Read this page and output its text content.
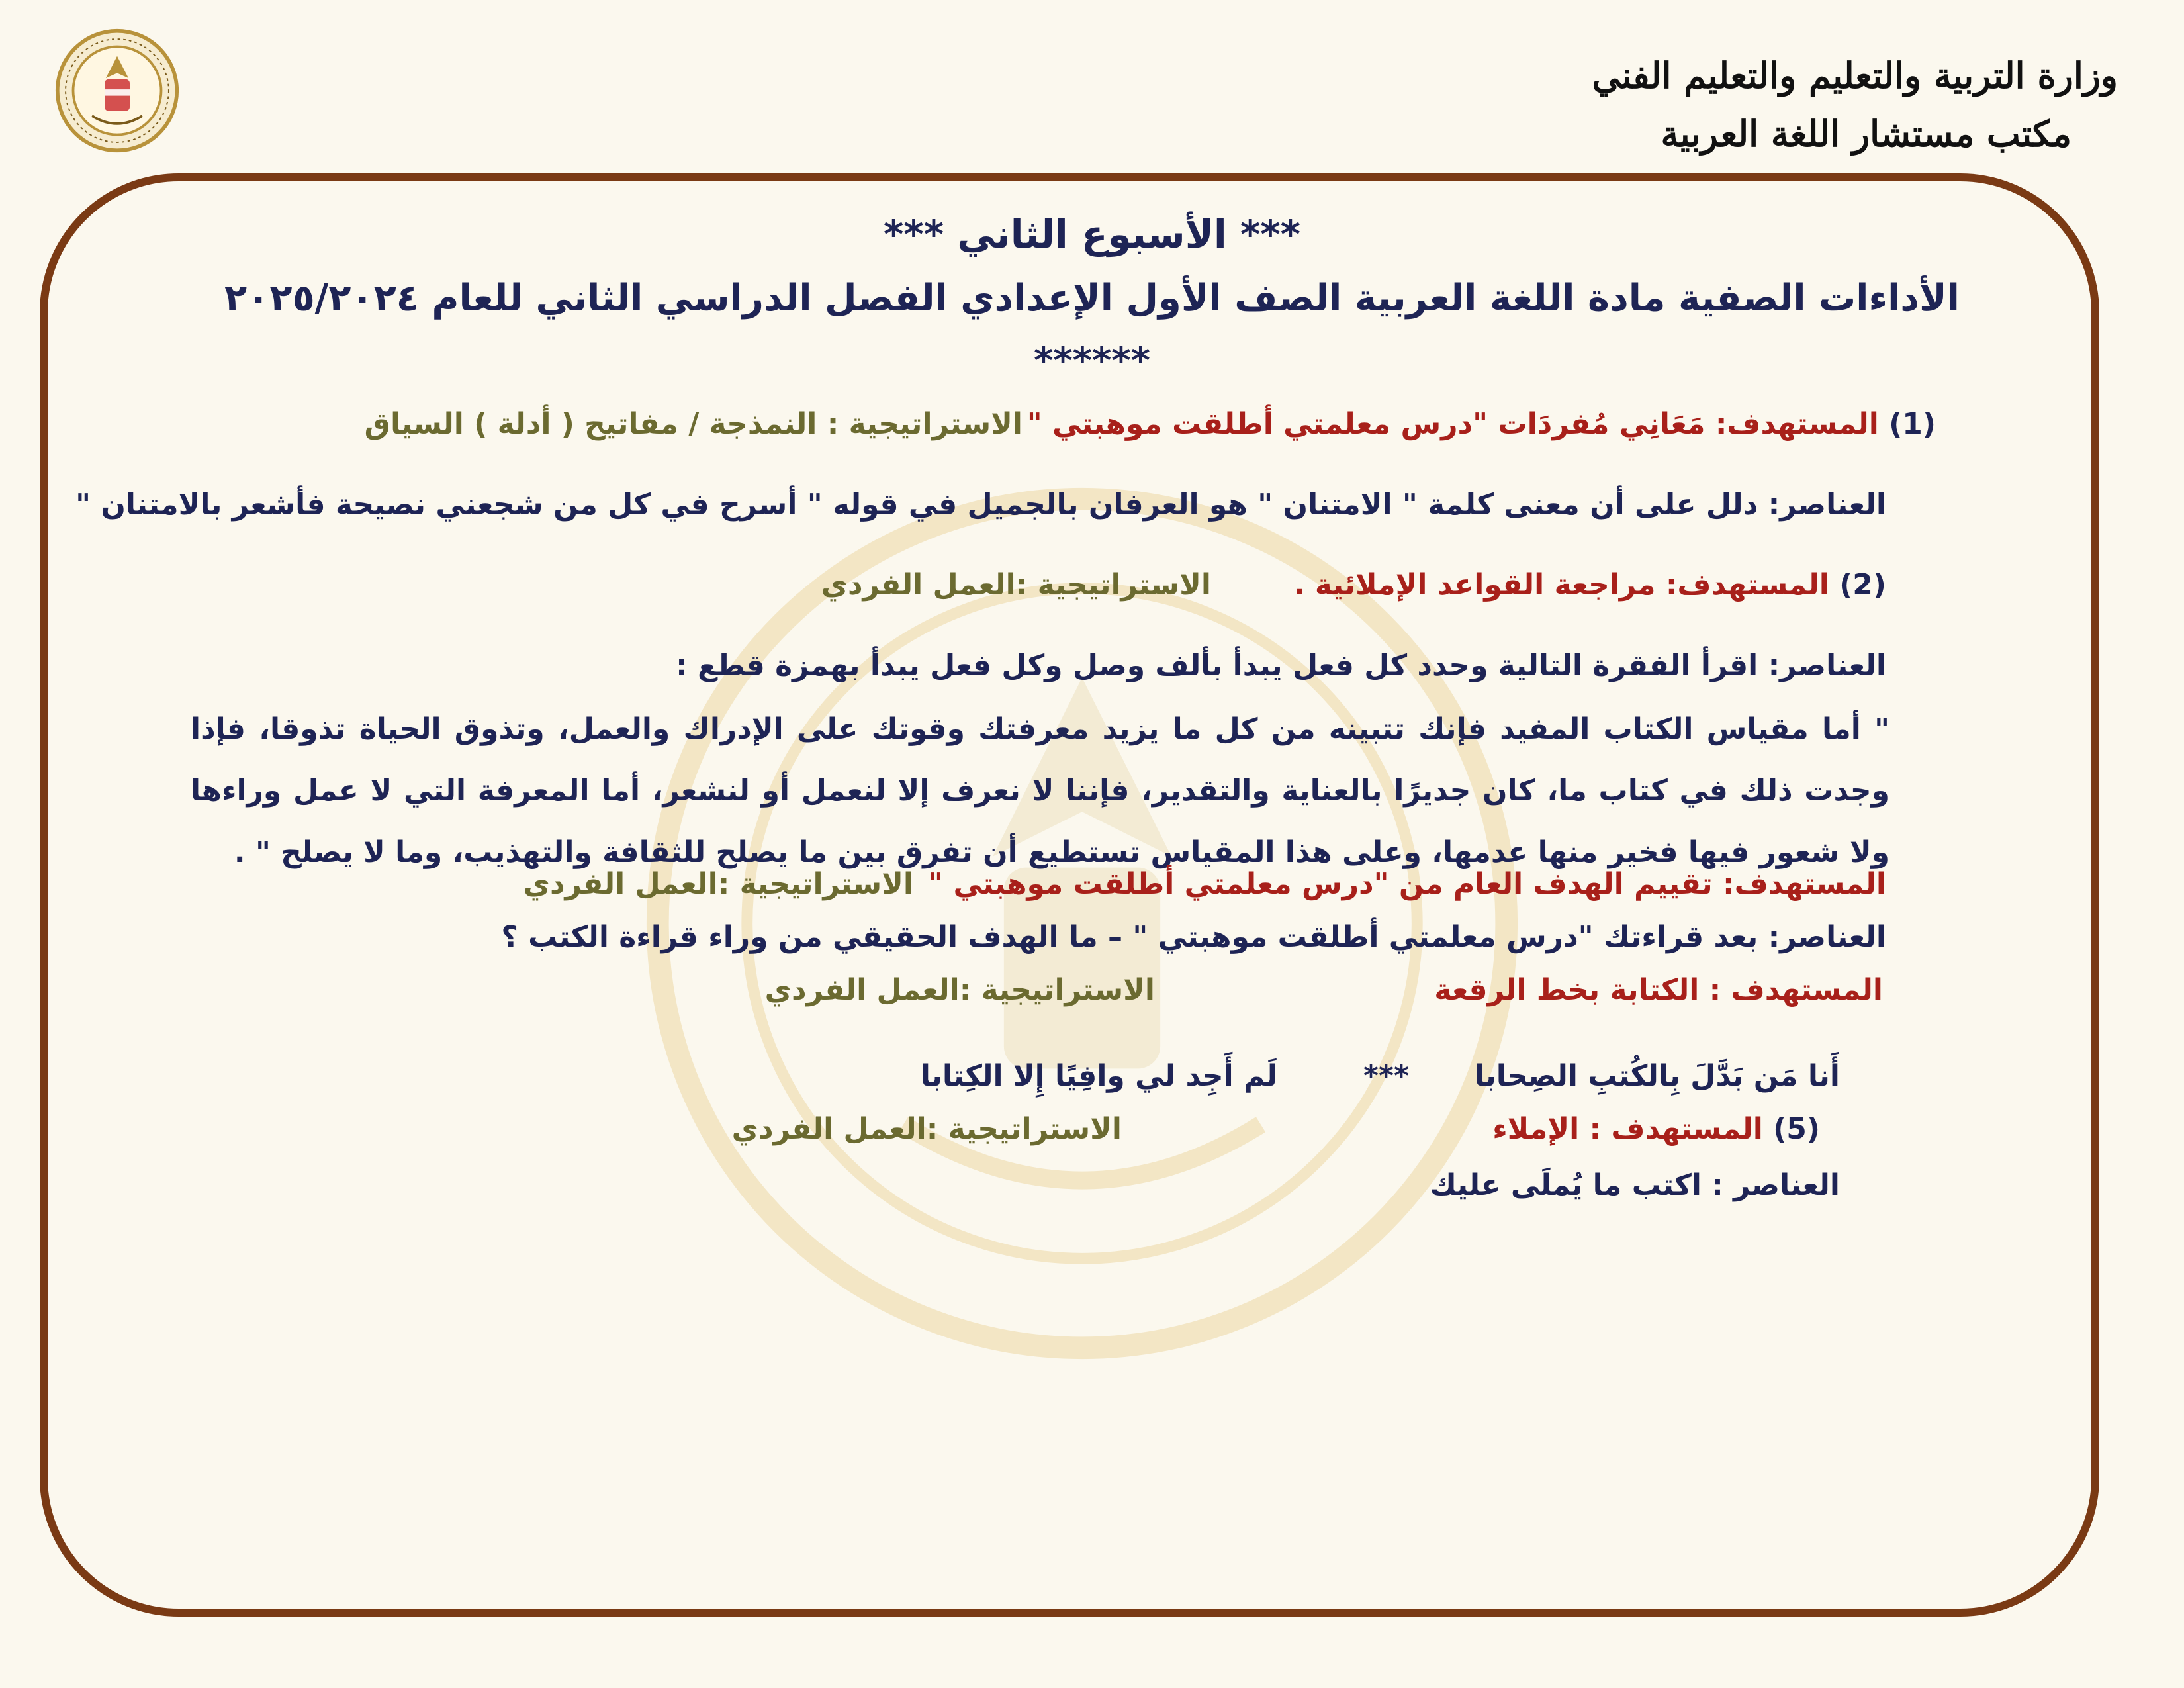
وزارة التربية والتعليم والتعليم الفني
مكتب مستشار اللغة العربية
*** الأسبوع الثاني ***
الأداءات الصفية مادة اللغة العربية الصف الأول الإعدادي الفصل الدراسي الثاني للعام ٢٠٢٥/٢٠٢٤
******
(1) المستهدف: مَعَانِي مُفردَات "درس معلمتي أطلقت موهبتي "
الاستراتيجية : النمذجة / مفاتيح ( أدلة ) السياق
العناصر: دلل على أن معنى كلمة " الامتنان " هو العرفان بالجميل في قوله " أسرح في كل من شجعني نصيحة فأشعر بالامتنان "
(2) المستهدف: مراجعة القواعد الإملائية .
الاستراتيجية :العمل الفردي
العناصر: اقرأ الفقرة التالية وحدد كل فعل يبدأ بألف وصل وكل فعل يبدأ بهمزة قطع :
" أما مقياس الكتاب المفيد فإنك تتبينه من كل ما يزيد معرفتك وقوتك على الإدراك والعمل، وتذوق الحياة تذوقا، فإذا وجدت ذلك في كتاب ما، كان جديرًا بالعناية والتقدير، فإننا لا نعرف إلا لنعمل أو لنشعر، أما المعرفة التي لا عمل وراءها ولا شعور فيها فخير منها عدمها، وعلى هذا المقياس تستطيع أن تفرق بين ما يصلح للثقافة والتهذيب، وما لا يصلح " .
المستهدف: تقييم الهدف العام من "درس معلمتي أطلقت موهبتي "
الاستراتيجية :العمل الفردي
العناصر: بعد قراءتك "درس معلمتي أطلقت موهبتي " – ما الهدف الحقيقي من وراء قراءة الكتب ؟
المستهدف : الكتابة بخط الرقعة
الاستراتيجية :العمل الفردي
أَنا مَن بَدَّلَ بِالكُتبِ الصِحابا
***
لَم أَجِد لي وافِيًا إِلا الكِتابا
(5) المستهدف : الإملاء
الاستراتيجية :العمل الفردي
العناصر : اكتب ما يُملَى عليك
